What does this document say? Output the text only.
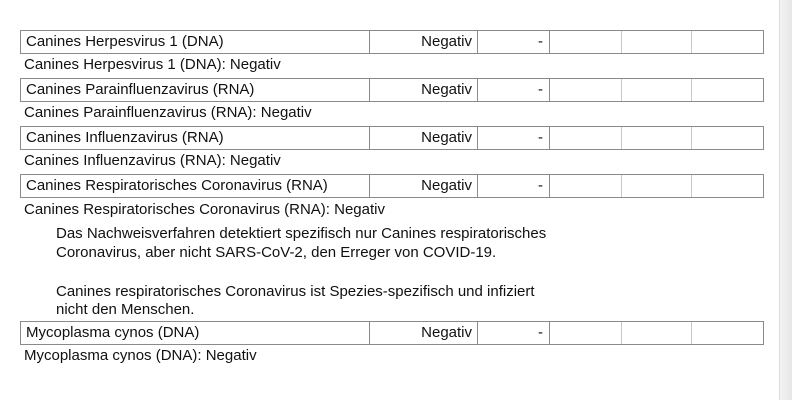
Canines Herpesvirus 1 (DNA)	Negativ	-
Canines Herpesvirus 1 (DNA): Negativ
Canines Parainfluenzavirus (RNA)	Negativ	-
Canines Parainfluenzavirus (RNA): Negativ
Canines Influenzavirus (RNA)	Negativ	-
Canines Influenzavirus (RNA): Negativ
Canines Respiratorisches Coronavirus (RNA)	Negativ	-
Canines Respiratorisches Coronavirus (RNA): Negativ
Das Nachweisverfahren detektiert spezifisch nur Canines respiratorisches
Coronavirus, aber nicht SARS-CoV-2, den Erreger von COVID-19.
Canines respiratorisches Coronavirus ist Spezies-spezifisch und infiziert
nicht den Menschen.
Mycoplasma cynos (DNA)	Negativ	-
Mycoplasma cynos (DNA): Negativ
